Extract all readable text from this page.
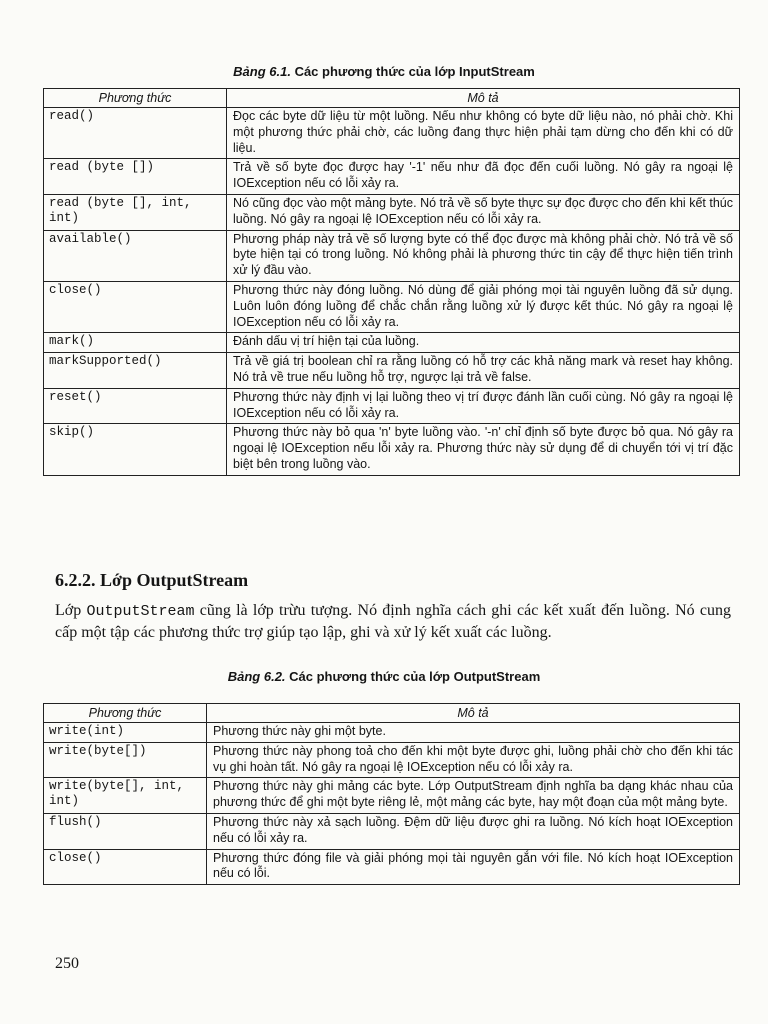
Bảng 6.1. Các phương thức của lớp InputStream
Phương thức	Mô tả
read()	Đọc các byte dữ liệu từ một luồng. Nếu như không có byte dữ liệu nào, nó phải chờ. Khi một phương thức phải chờ, các luồng đang thực hiện phải tạm dừng cho đến khi có dữ liệu.
read (byte [])	Trả về số byte đọc được hay '-1' nếu như đã đọc đến cuối luồng. Nó gây ra ngoại lệ IOException nếu có lỗi xảy ra.
read (byte [], int, int)	Nó cũng đọc vào một mảng byte. Nó trả về số byte thực sự đọc được cho đến khi kết thúc luồng. Nó gây ra ngoại lệ IOException nếu có lỗi xảy ra.
available()	Phương pháp này trả về số lượng byte có thể đọc được mà không phải chờ. Nó trả về số byte hiện tại có trong luồng. Nó không phải là phương thức tin cậy để thực hiện tiến trình xử lý đầu vào.
close()	Phương thức này đóng luồng. Nó dùng để giải phóng mọi tài nguyên luồng đã sử dụng. Luôn luôn đóng luồng để chắc chắn rằng luồng xử lý được kết thúc. Nó gây ra ngoại lệ IOException nếu có lỗi xảy ra.
mark()	Đánh dấu vị trí hiện tại của luồng.
markSupported()	Trả về giá trị boolean chỉ ra rằng luồng có hỗ trợ các khả năng mark và reset hay không. Nó trả về true nếu luồng hỗ trợ, ngược lại trả về false.
reset()	Phương thức này định vị lại luồng theo vị trí được đánh lần cuối cùng. Nó gây ra ngoại lệ IOException nếu có lỗi xảy ra.
skip()	Phương thức này bỏ qua 'n' byte luồng vào. '-n' chỉ định số byte được bỏ qua. Nó gây ra ngoại lệ IOException nếu lỗi xảy ra. Phương thức này sử dụng để di chuyển tới vị trí đặc biệt bên trong luồng vào.
6.2.2. Lớp OutputStream
Lớp OutputStream cũng là lớp trừu tượng. Nó định nghĩa cách ghi các kết xuất đến luồng. Nó cung cấp một tập các phương thức trợ giúp tạo lập, ghi và xử lý kết xuất các luồng.
Bảng 6.2. Các phương thức của lớp OutputStream
Phương thức	Mô tả
write(int)	Phương thức này ghi một byte.
write(byte[])	Phương thức này phong toả cho đến khi một byte được ghi, luồng phải chờ cho đến khi tác vụ ghi hoàn tất. Nó gây ra ngoại lệ IOException nếu có lỗi xảy ra.
write(byte[], int, int)	Phương thức này ghi mảng các byte. Lớp OutputStream định nghĩa ba dạng khác nhau của phương thức để ghi một byte riêng lẻ, một mảng các byte, hay một đoạn của một mảng byte.
flush()	Phương thức này xả sạch luồng. Đệm dữ liệu được ghi ra luồng. Nó kích hoạt IOException nếu có lỗi xảy ra.
close()	Phương thức đóng file và giải phóng mọi tài nguyên gắn với file. Nó kích hoạt IOException nếu có lỗi.
250
